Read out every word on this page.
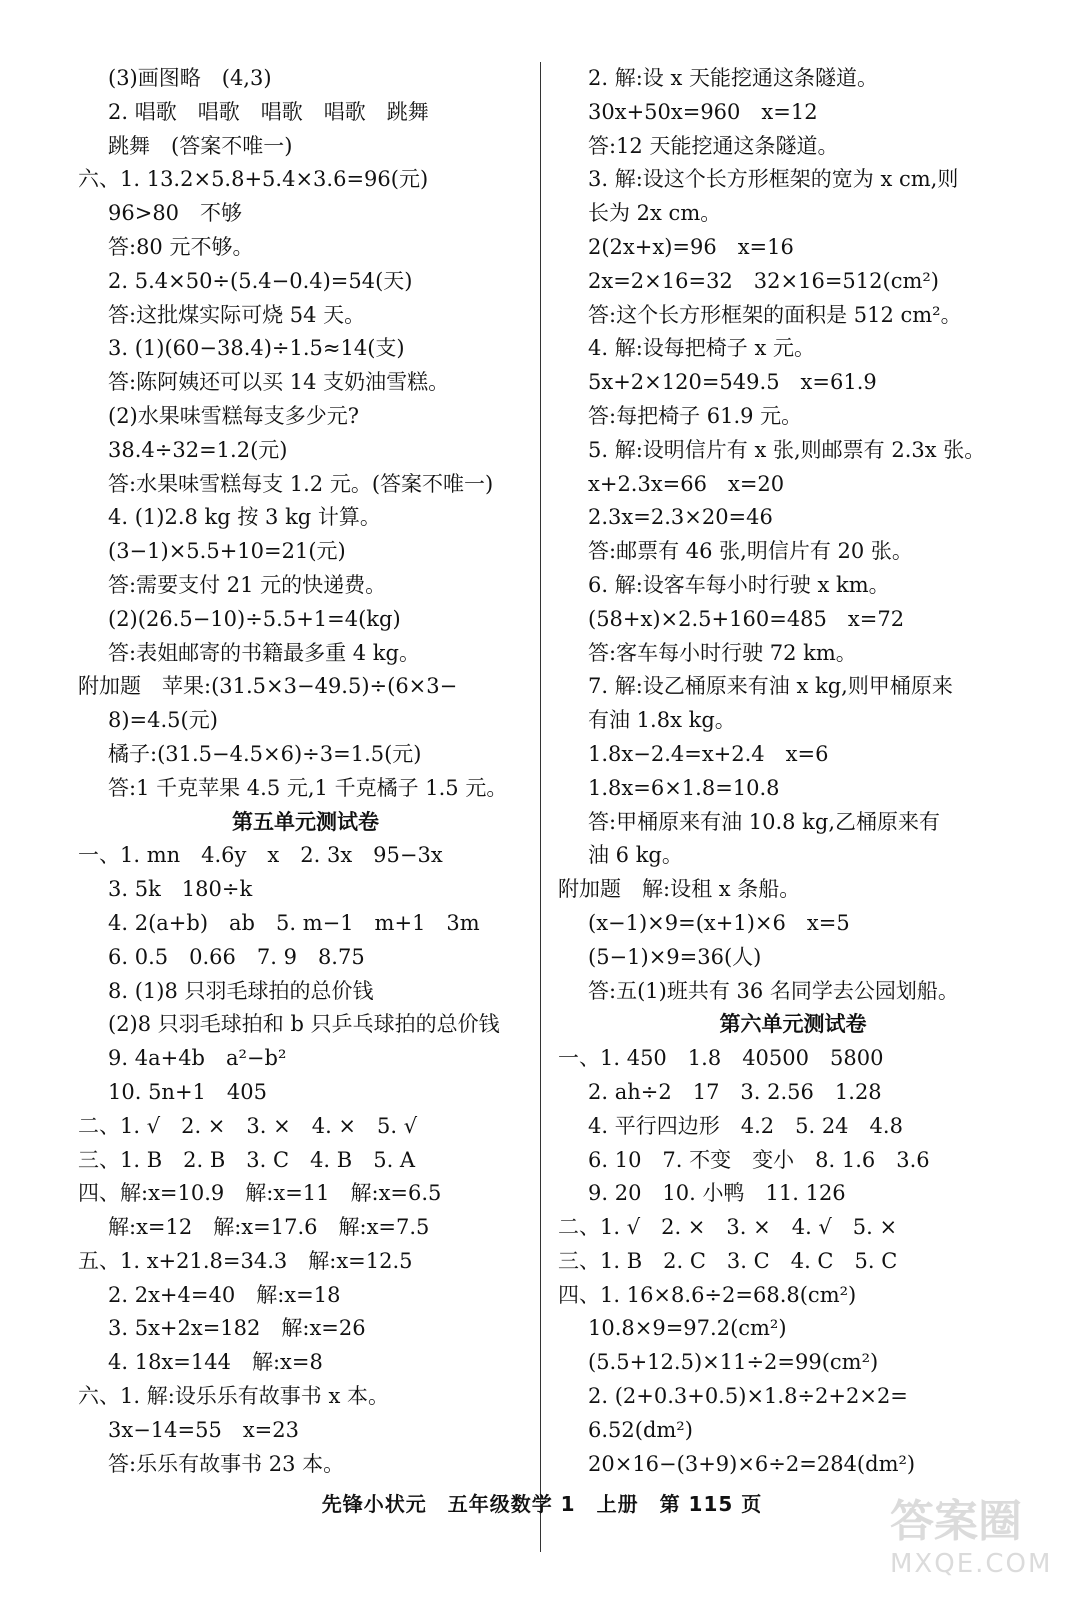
(3)画图略　(4,3)
2. 唱歌　唱歌　唱歌　唱歌　跳舞
跳舞　(答案不唯一)
六、1. 13.2×5.8+5.4×3.6=96(元)
96>80　不够
答:80 元不够。
2. 5.4×50÷(5.4−0.4)=54(天)
答:这批煤实际可烧 54 天。
3. (1)(60−38.4)÷1.5≈14(支)
答:陈阿姨还可以买 14 支奶油雪糕。
(2)水果味雪糕每支多少元?
38.4÷32=1.2(元)
答:水果味雪糕每支 1.2 元。(答案不唯一)
4. (1)2.8 kg 按 3 kg 计算。
(3−1)×5.5+10=21(元)
答:需要支付 21 元的快递费。
(2)(26.5−10)÷5.5+1=4(kg)
答:表姐邮寄的书籍最多重 4 kg。
附加题　苹果:(31.5×3−49.5)÷(6×3−
8)=4.5(元)
橘子:(31.5−4.5×6)÷3=1.5(元)
答:1 千克苹果 4.5 元,1 千克橘子 1.5 元。
第五单元测试卷
一、1. mn　4.6y　x　2. 3x　95−3x
3. 5k　180÷k
4. 2(a+b)　ab　5. m−1　m+1　3m
6. 0.5　0.66　7. 9　8.75
8. (1)8 只羽毛球拍的总价钱
(2)8 只羽毛球拍和 b 只乒乓球拍的总价钱
9. 4a+4b　a²−b²
10. 5n+1　405
二、1. √　2. ×　3. ×　4. ×　5. √
三、1. B　2. B　3. C　4. B　5. A
四、解:x=10.9　解:x=11　解:x=6.5
解:x=12　解:x=17.6　解:x=7.5
五、1. x+21.8=34.3　解:x=12.5
2. 2x+4=40　解:x=18
3. 5x+2x=182　解:x=26
4. 18x=144　解:x=8
六、1. 解:设乐乐有故事书 x 本。
3x−14=55　x=23
答:乐乐有故事书 23 本。
2. 解:设 x 天能挖通这条隧道。
30x+50x=960　x=12
答:12 天能挖通这条隧道。
3. 解:设这个长方形框架的宽为 x cm,则
长为 2x cm。
2(2x+x)=96　x=16
2x=2×16=32　32×16=512(cm²)
答:这个长方形框架的面积是 512 cm²。
4. 解:设每把椅子 x 元。
5x+2×120=549.5　x=61.9
答:每把椅子 61.9 元。
5. 解:设明信片有 x 张,则邮票有 2.3x 张。
x+2.3x=66　x=20
2.3x=2.3×20=46
答:邮票有 46 张,明信片有 20 张。
6. 解:设客车每小时行驶 x km。
(58+x)×2.5+160=485　x=72
答:客车每小时行驶 72 km。
7. 解:设乙桶原来有油 x kg,则甲桶原来
有油 1.8x kg。
1.8x−2.4=x+2.4　x=6
1.8x=6×1.8=10.8
答:甲桶原来有油 10.8 kg,乙桶原来有
油 6 kg。
附加题　解:设租 x 条船。
(x−1)×9=(x+1)×6　x=5
(5−1)×9=36(人)
答:五(1)班共有 36 名同学去公园划船。
第六单元测试卷
一、1. 450　1.8　40500　5800
2. ah÷2　17　3. 2.56　1.28
4. 平行四边形　4.2　5. 24　4.8
6. 10　7. 不变　变小　8. 1.6　3.6
9. 20　10. 小鸭　11. 126
二、1. √　2. ×　3. ×　4. √　5. ×
三、1. B　2. C　3. C　4. C　5. C
四、1. 16×8.6÷2=68.8(cm²)
10.8×9=97.2(cm²)
(5.5+12.5)×11÷2=99(cm²)
2. (2+0.3+0.5)×1.8÷2+2×2=
6.52(dm²)
20×16−(3+9)×6÷2=284(dm²)
先锋小状元　五年级数学 1　上册　第 115 页	答案圈
MXQE.COM
